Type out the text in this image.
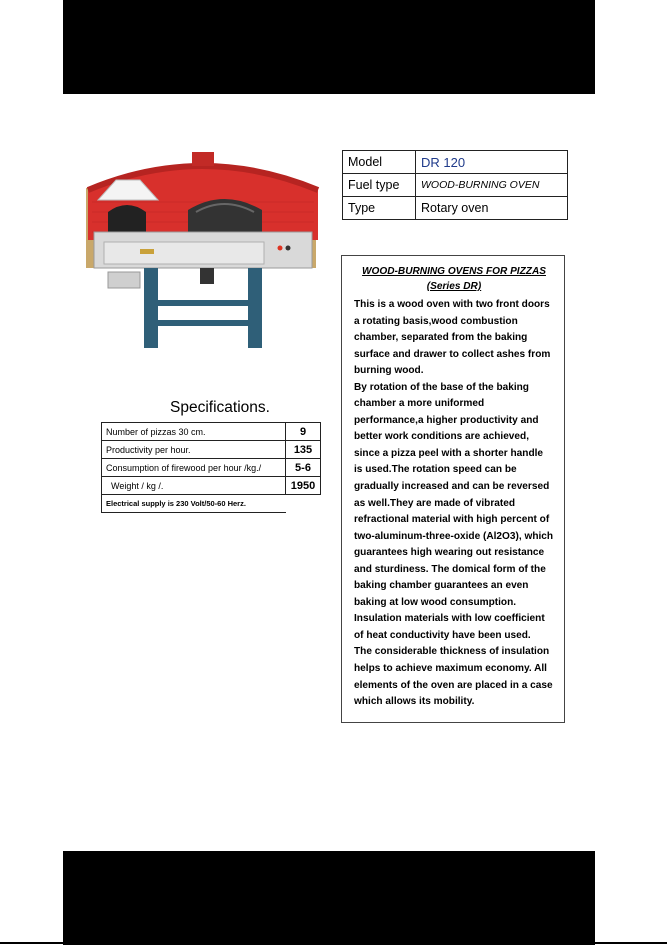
Model	DR 120
Fuel type	WOOD-BURNING OVEN
Type	Rotary oven

WOOD-BURNING OVENS FOR PIZZAS (Series DR)

This is a wood oven with two front doors a rotating basis,wood combustion chamber, separated from the baking surface and drawer to collect ashes from burning wood.
By rotation of the base of the baking chamber a more uniformed performance,a higher productivity and better work conditions are achieved, since a pizza peel with a shorter handle is used.The rotation speed can be gradually increased and can be reversed as well.They are made of vibrated refractional material with high percent of two-aluminum-three-oxide (Al2O3), which guarantees high wearing out resistance and sturdiness. The domical form of the baking chamber guarantees an even baking at low wood consumption.
Insulation materials with low coefficient of heat conductivity have been used.
The considerable thickness of insulation helps to achieve maximum economy. All elements of the oven are placed in a case which allows its mobility.

Specifications.
Number of pizzas 30 cm.	9
Productivity per hour.	135
Consumption of firewood per hour /kg./	5-6
Weight / kg /.	1950
Electrical supply is 230 Volt/50-60 Herz.	
